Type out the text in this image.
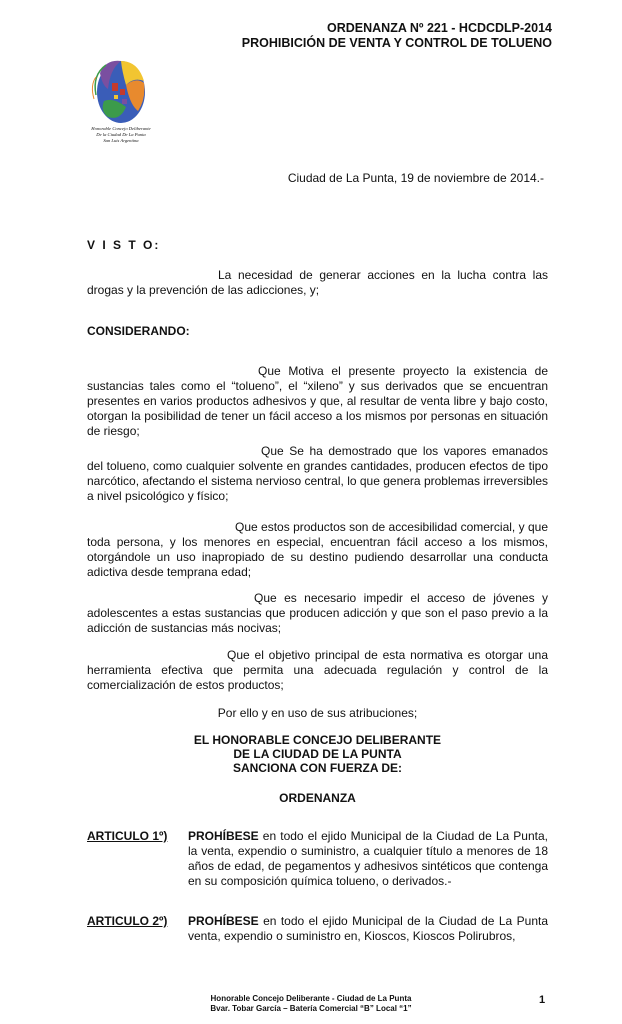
ORDENANZA Nº 221 - HCDCDLP-2014
PROHIBICIÓN DE VENTA Y CONTROL DE TOLUENO
Honorable Concejo Deliberante
De la Ciudad De La Punta
San Luis Argentina
Ciudad de La Punta, 19 de noviembre de 2014.-
V I S T O:
La necesidad de generar acciones en la lucha contra las drogas y la prevención de las adicciones, y;
CONSIDERANDO:
Que Motiva el presente proyecto la existencia de sustancias tales como el “tolueno”, el “xileno” y sus derivados que se encuentran presentes en varios productos adhesivos y que, al resultar de venta libre y bajo costo, otorgan la posibilidad de tener un fácil acceso a los mismos por personas en situación de riesgo;
Que Se ha demostrado que los vapores emanados del tolueno, como cualquier solvente en grandes cantidades, producen efectos de tipo narcótico, afectando el sistema nervioso central, lo que genera problemas irreversibles a nivel psicológico y físico;
Que estos productos son de accesibilidad comercial, y que toda persona, y los menores en especial, encuentran fácil acceso a los mismos, otorgándole un uso inapropiado de su destino pudiendo desarrollar una conducta adictiva desde temprana edad;
Que es necesario impedir el acceso de jóvenes y adolescentes a estas sustancias que producen adicción y que son el paso previo a la adicción de sustancias más nocivas;
Que el objetivo principal de esta normativa es otorgar una herramienta efectiva que permita una adecuada regulación y control de la comercialización de estos productos;
Por ello y en uso de sus atribuciones;
EL HONORABLE CONCEJO DELIBERANTE
DE LA CIUDAD DE LA PUNTA
SANCIONA CON FUERZA DE:
ORDENANZA
ARTICULO 1º) PROHÍBESE en todo el ejido Municipal de la Ciudad de La Punta, la venta, expendio o suministro, a cualquier título a menores de 18 años de edad, de pegamentos y adhesivos sintéticos que contenga en su composición química tolueno, o derivados.-
ARTICULO 2º) PROHÍBESE en todo el ejido Municipal de la Ciudad de La Punta venta, expendio o suministro en, Kioscos, Kioscos Polirubros,
Honorable Concejo Deliberante - Ciudad de La Punta
Bvar. Tobar García – Batería Comercial “B” Local “1”
1
